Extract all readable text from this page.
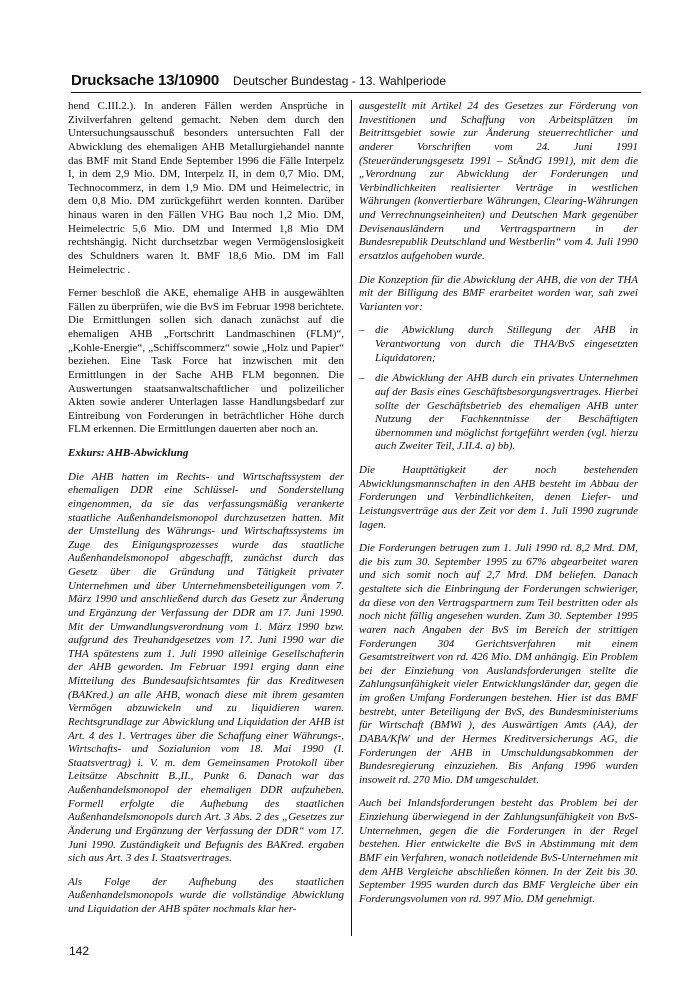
Drucksache 13/10900 Deutscher Bundestag - 13. Wahlperiode

hend C.III.2.). In anderen Fällen werden Ansprüche in Zivilverfahren geltend gemacht. Neben dem durch den Untersuchungsausschuß besonders untersuchten Fall der Abwicklung des ehemaligen AHB Metallurgiehandel nannte das BMF mit Stand Ende September 1996 die Fälle Interpelz I, in dem 2,9 Mio. DM, Interpelz II, in dem 0,7 Mio. DM, Technocommerz, in dem 1,9 Mio. DM und Heimelectric, in dem 0,8 Mio. DM zurückgeführt werden konnten. Darüber hinaus waren in den Fällen VHG Bau noch 1,2 Mio. DM, Heimelectric 5,6 Mio. DM und Intermed 1,8 Mio DM rechtshängig. Nicht durchsetzbar wegen Vermögenslosigkeit des Schuldners waren lt. BMF 18,6 Mio. DM im Fall Heimelectric .

Ferner beschloß die AKE, ehemalige AHB in ausgewählten Fällen zu überprüfen, wie die BvS im Februar 1998 berichtete. Die Ermittlungen sollen sich danach zunächst auf die ehemaligen AHB „Fortschritt Landmaschinen (FLM)“, „Kohle-Energie“, „Schiffscommerz“ sowie „Holz und Papier“ beziehen. Eine Task Force hat inzwischen mit den Ermittlungen in der Sache AHB FLM begonnen. Die Auswertungen staatsanwaltschaftlicher und polizeilicher Akten sowie anderer Unterlagen lasse Handlungsbedarf zur Eintreibung von Forderungen in beträchtlicher Höhe durch FLM erkennen. Die Ermittlungen dauerten aber noch an.

Exkurs: AHB-Abwicklung

Die AHB hatten im Rechts- und Wirtschaftssystem der ehemaligen DDR eine Schlüssel- und Sonderstellung eingenommen, da sie das verfassungsmäßig verankerte staatliche Außenhandelsmonopol durchzusetzen hatten. Mit der Umstellung des Währungs- und Wirtschaftssystems im Zuge des Einigungsprozesses wurde das staatliche Außenhandelsmonopol abgeschafft, zunächst durch das Gesetz über die Gründung und Tätigkeit privater Unternehmen und über Unternehmensbeteiligungen vom 7. März 1990 und anschließend durch das Gesetz zur Änderung und Ergänzung der Verfassung der DDR am 17. Juni 1990. Mit der Umwandlungsverordnung vom 1. März 1990 bzw. aufgrund des Treuhandgesetzes vom 17. Juni 1990 war die THA spätestens zum 1. Juli 1990 alleinige Gesellschafterin der AHB geworden. Im Februar 1991 erging dann eine Mitteilung des Bundesaufsichtsamtes für das Kreditwesen (BAKred.) an alle AHB, wonach diese mit ihrem gesamten Vermögen abzuwickeln und zu liquidieren waren. Rechtsgrundlage zur Abwicklung und Liquidation der AHB ist Art. 4 des 1. Vertrages über die Schaffung einer Währungs-, Wirtschafts- und Sozialunion vom 18. Mai 1990 (I. Staatsvertrag) i. V. m. dem Gemeinsamen Protokoll über Leitsätze Abschnitt B.,II., Punkt 6. Danach war das Außenhandelsmonopol der ehemaligen DDR aufzuheben. Formell erfolgte die Aufhebung des staatlichen Außenhandelsmonopols durch Art. 3 Abs. 2 des „Gesetzes zur Änderung und Ergänzung der Verfassung der DDR“ vom 17. Juni 1990. Zuständigkeit und Befugnis des BAKred. ergaben sich aus Art. 3 des I. Staatsvertrages.

Als Folge der Aufhebung des staatlichen Außenhandelsmonopols wurde die vollständige Abwicklung und Liquidation der AHB später nochmals klar her-

ausgestellt mit Artikel 24 des Gesetzes zur Förderung von Investitionen und Schaffung von Arbeitsplätzen im Beitrittsgebiet sowie zur Änderung steuerrechtlicher und anderer Vorschriften vom 24. Juni 1991 (Steueränderungsgesetz 1991 – StÄndG 1991), mit dem die „Verordnung zur Abwicklung der Forderungen und Verbindlichkeiten realisierter Verträge in westlichen Währungen (konvertierbare Währungen, Clearing-Währungen und Verrechnungseinheiten) und Deutschen Mark gegenüber Devisenausländern und Vertragspartnern in der Bundesrepublik Deutschland und Westberlin“ vom 4. Juli 1990 ersatzlos aufgehoben wurde.

Die Konzeption für die Abwicklung der AHB, die von der THA mit der Billigung des BMF erarbeitet worden war, sah zwei Varianten vor:

– die Abwicklung durch Stillegung der AHB in Verantwortung von durch die THA/BvS eingesetzten Liquidatoren;
– die Abwicklung der AHB durch ein privates Unternehmen auf der Basis eines Geschäftsbesorgungsvertrages. Hierbei sollte der Geschäftsbetrieb des ehemaligen AHB unter Nutzung der Fachkenntnisse der Beschäftigten übernommen und möglichst fortgeführt werden (vgl. hierzu auch Zweiter Teil, J.II.4. a) bb).

Die Haupttätigkeit der noch bestehenden Abwicklungsmannschaften in den AHB besteht im Abbau der Forderungen und Verbindlichkeiten, denen Liefer- und Leistungsverträge aus der Zeit vor dem 1. Juli 1990 zugrunde lagen.

Die Forderungen betrugen zum 1. Juli 1990 rd. 8,2 Mrd. DM, die bis zum 30. September 1995 zu 67% abgearbeitet waren und sich somit noch auf 2,7 Mrd. DM beliefen. Danach gestaltete sich die Einbringung der Forderungen schwieriger, da diese von den Vertragspartnern zum Teil bestritten oder als noch nicht fällig angesehen wurden. Zum 30. September 1995 waren nach Angaben der BvS im Bereich der strittigen Forderungen 304 Gerichtsverfahren mit einem Gesamtstreitwert von rd. 426 Mio. DM anhängig. Ein Problem bei der Einziehung von Auslandsforderungen stellte die Zahlungsunfähigkeit vieler Entwicklungsländer dar, gegen die im großen Umfang Forderungen bestehen. Hier ist das BMF bestrebt, unter Beteiligung der BvS, des Bundesministeriums für Wirtschaft (BMWi ), des Auswärtigen Amts (AA), der DABA/KfW und der Hermes Kreditversicherungs AG, die Forderungen der AHB in Umschuldungsabkommen der Bundesregierung einzuziehen. Bis Anfang 1996 wurden insoweit rd. 270 Mio. DM umgeschuldet.

Auch bei Inlandsforderungen besteht das Problem bei der Einziehung überwiegend in der Zahlungsunfähigkeit von BvS-Unternehmen, gegen die die Forderungen in der Regel bestehen. Hier entwickelte die BvS in Abstimmung mit dem BMF ein Verfahren, wonach notleidende BvS-Unternehmen mit dem AHB Vergleiche abschließen können. In der Zeit bis 30. September 1995 wurden durch das BMF Vergleiche über ein Forderungsvolumen von rd. 997 Mio. DM genehmigt.

142
